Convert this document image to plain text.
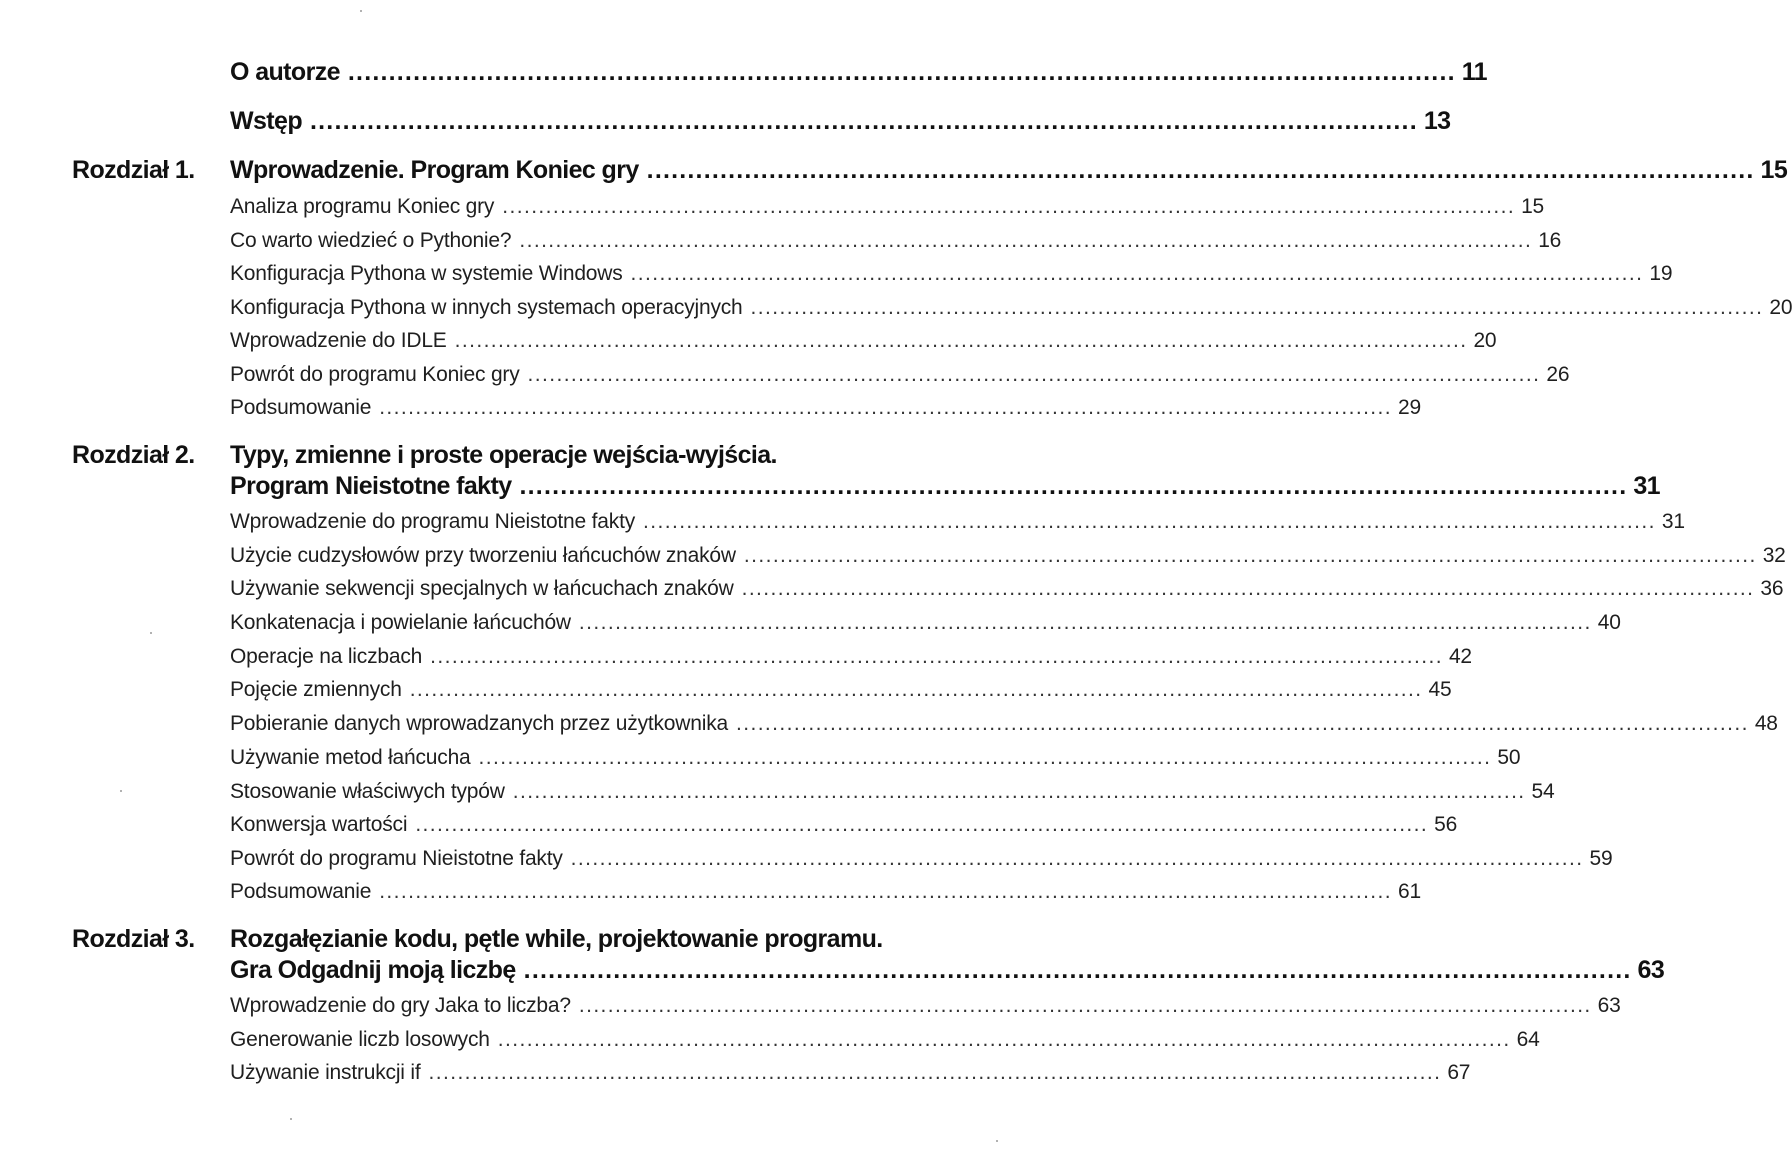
O autorze ........................................................................................................................................ 11
Wstęp ........................................................................................................................................ 13
Rozdział 1. Wprowadzenie. Program Koniec gry ........................................................................................................................................ 15
Analiza programu Koniec gry ............................................................................................................................................ 15
Co warto wiedzieć o Pythonie? ............................................................................................................................................ 16
Konfiguracja Pythona w systemie Windows ............................................................................................................................................ 19
Konfiguracja Pythona w innych systemach operacyjnych ............................................................................................................................................ 20
Wprowadzenie do IDLE ............................................................................................................................................ 20
Powrót do programu Koniec gry ............................................................................................................................................ 26
Podsumowanie ............................................................................................................................................ 29
Rozdział 2. Typy, zmienne i proste operacje wejścia-wyjścia.
Program Nieistotne fakty ........................................................................................................................................ 31
Wprowadzenie do programu Nieistotne fakty ............................................................................................................................................ 31
Użycie cudzysłowów przy tworzeniu łańcuchów znaków ............................................................................................................................................ 32
Używanie sekwencji specjalnych w łańcuchach znaków ............................................................................................................................................ 36
Konkatenacja i powielanie łańcuchów ............................................................................................................................................ 40
Operacje na liczbach ............................................................................................................................................ 42
Pojęcie zmiennych ............................................................................................................................................ 45
Pobieranie danych wprowadzanych przez użytkownika ............................................................................................................................................ 48
Używanie metod łańcucha ............................................................................................................................................ 50
Stosowanie właściwych typów ............................................................................................................................................ 54
Konwersja wartości ............................................................................................................................................ 56
Powrót do programu Nieistotne fakty ............................................................................................................................................ 59
Podsumowanie ............................................................................................................................................ 61
Rozdział 3. Rozgałęzianie kodu, pętle while, projektowanie programu.
Gra Odgadnij moją liczbę ........................................................................................................................................ 63
Wprowadzenie do gry Jaka to liczba? ............................................................................................................................................ 63
Generowanie liczb losowych ............................................................................................................................................ 64
Używanie instrukcji if ............................................................................................................................................ 67
